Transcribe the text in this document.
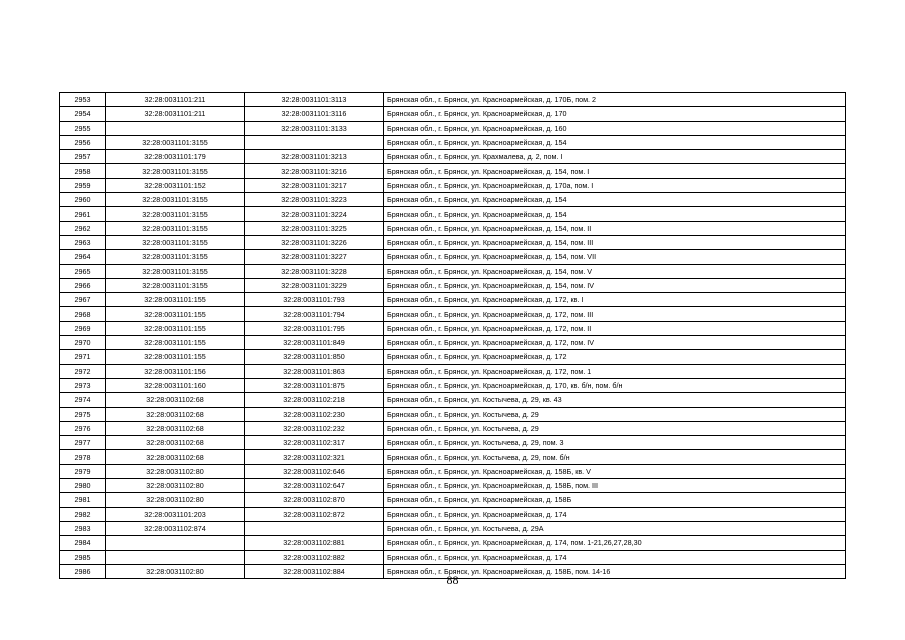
2953	32:28:0031101:211	32:28:0031101:3113	Брянская обл., г. Брянск, ул. Красноармейская, д. 170Б, пом. 2
2954	32:28:0031101:211	32:28:0031101:3116	Брянская обл., г. Брянск, ул. Красноармейская, д. 170
2955		32:28:0031101:3133	Брянская обл., г. Брянск, ул. Красноармейская, д. 160
2956	32:28:0031101:3155		Брянская обл., г. Брянск, ул. Красноармейская, д. 154
2957	32:28:0031101:179	32:28:0031101:3213	Брянская обл., г. Брянск, ул. Крахмалева, д. 2, пом. I
2958	32:28:0031101:3155	32:28:0031101:3216	Брянская обл., г. Брянск, ул. Красноармейская, д. 154, пом. I
2959	32:28:0031101:152	32:28:0031101:3217	Брянская обл., г. Брянск, ул. Красноармейская, д. 170а, пом. I
2960	32:28:0031101:3155	32:28:0031101:3223	Брянская обл., г. Брянск, ул. Красноармейская, д. 154
2961	32:28:0031101:3155	32:28:0031101:3224	Брянская обл., г. Брянск, ул. Красноармейская, д. 154
2962	32:28:0031101:3155	32:28:0031101:3225	Брянская обл., г. Брянск, ул. Красноармейская, д. 154, пом. II
2963	32:28:0031101:3155	32:28:0031101:3226	Брянская обл., г. Брянск, ул. Красноармейская, д. 154, пом. III
2964	32:28:0031101:3155	32:28:0031101:3227	Брянская обл., г. Брянск, ул. Красноармейская, д. 154, пом. VII
2965	32:28:0031101:3155	32:28:0031101:3228	Брянская обл., г. Брянск, ул. Красноармейская, д. 154, пом. V
2966	32:28:0031101:3155	32:28:0031101:3229	Брянская обл., г. Брянск, ул. Красноармейская, д. 154, пом. IV
2967	32:28:0031101:155	32:28:0031101:793	Брянская обл., г. Брянск, ул. Красноармейская, д. 172, кв. I
2968	32:28:0031101:155	32:28:0031101:794	Брянская обл., г. Брянск, ул. Красноармейская, д. 172, пом. III
2969	32:28:0031101:155	32:28:0031101:795	Брянская обл., г. Брянск, ул. Красноармейская, д. 172, пом. II
2970	32:28:0031101:155	32:28:0031101:849	Брянская обл., г. Брянск, ул. Красноармейская, д. 172, пом. IV
2971	32:28:0031101:155	32:28:0031101:850	Брянская обл., г. Брянск, ул. Красноармейская, д. 172
2972	32:28:0031101:156	32:28:0031101:863	Брянская обл., г. Брянск, ул. Красноармейская, д. 172, пом. 1
2973	32:28:0031101:160	32:28:0031101:875	Брянская обл., г. Брянск, ул. Красноармейская, д. 170, кв. б/н, пом. б/н
2974	32:28:0031102:68	32:28:0031102:218	Брянская обл., г. Брянск, ул. Костычева, д. 29, кв. 43
2975	32:28:0031102:68	32:28:0031102:230	Брянская обл., г. Брянск, ул. Костычева, д. 29
2976	32:28:0031102:68	32:28:0031102:232	Брянская обл., г. Брянск, ул. Костычева, д. 29
2977	32:28:0031102:68	32:28:0031102:317	Брянская обл., г. Брянск, ул. Костычева, д. 29, пом. 3
2978	32:28:0031102:68	32:28:0031102:321	Брянская обл., г. Брянск, ул. Костычева, д. 29, пом. б/н
2979	32:28:0031102:80	32:28:0031102:646	Брянская обл., г. Брянск, ул. Красноармейская, д. 158Б, кв. V
2980	32:28:0031102:80	32:28:0031102:647	Брянская обл., г. Брянск, ул. Красноармейская, д. 158Б, пом. III
2981	32:28:0031102:80	32:28:0031102:870	Брянская обл., г. Брянск, ул. Красноармейская, д. 158Б
2982	32:28:0031101:203	32:28:0031102:872	Брянская обл., г. Брянск, ул. Красноармейская, д. 174
2983	32:28:0031102:874		Брянская обл., г. Брянск, ул. Костычева, д. 29А
2984		32:28:0031102:881	Брянская обл., г. Брянск, ул. Красноармейская, д. 174, пом. 1-21,26,27,28,30
2985		32:28:0031102:882	Брянская обл., г. Брянск, ул. Красноармейская, д. 174
2986	32:28:0031102:80	32:28:0031102:884	Брянская обл., г. Брянск, ул. Красноармейская, д. 158Б, пом. 14-16
88
